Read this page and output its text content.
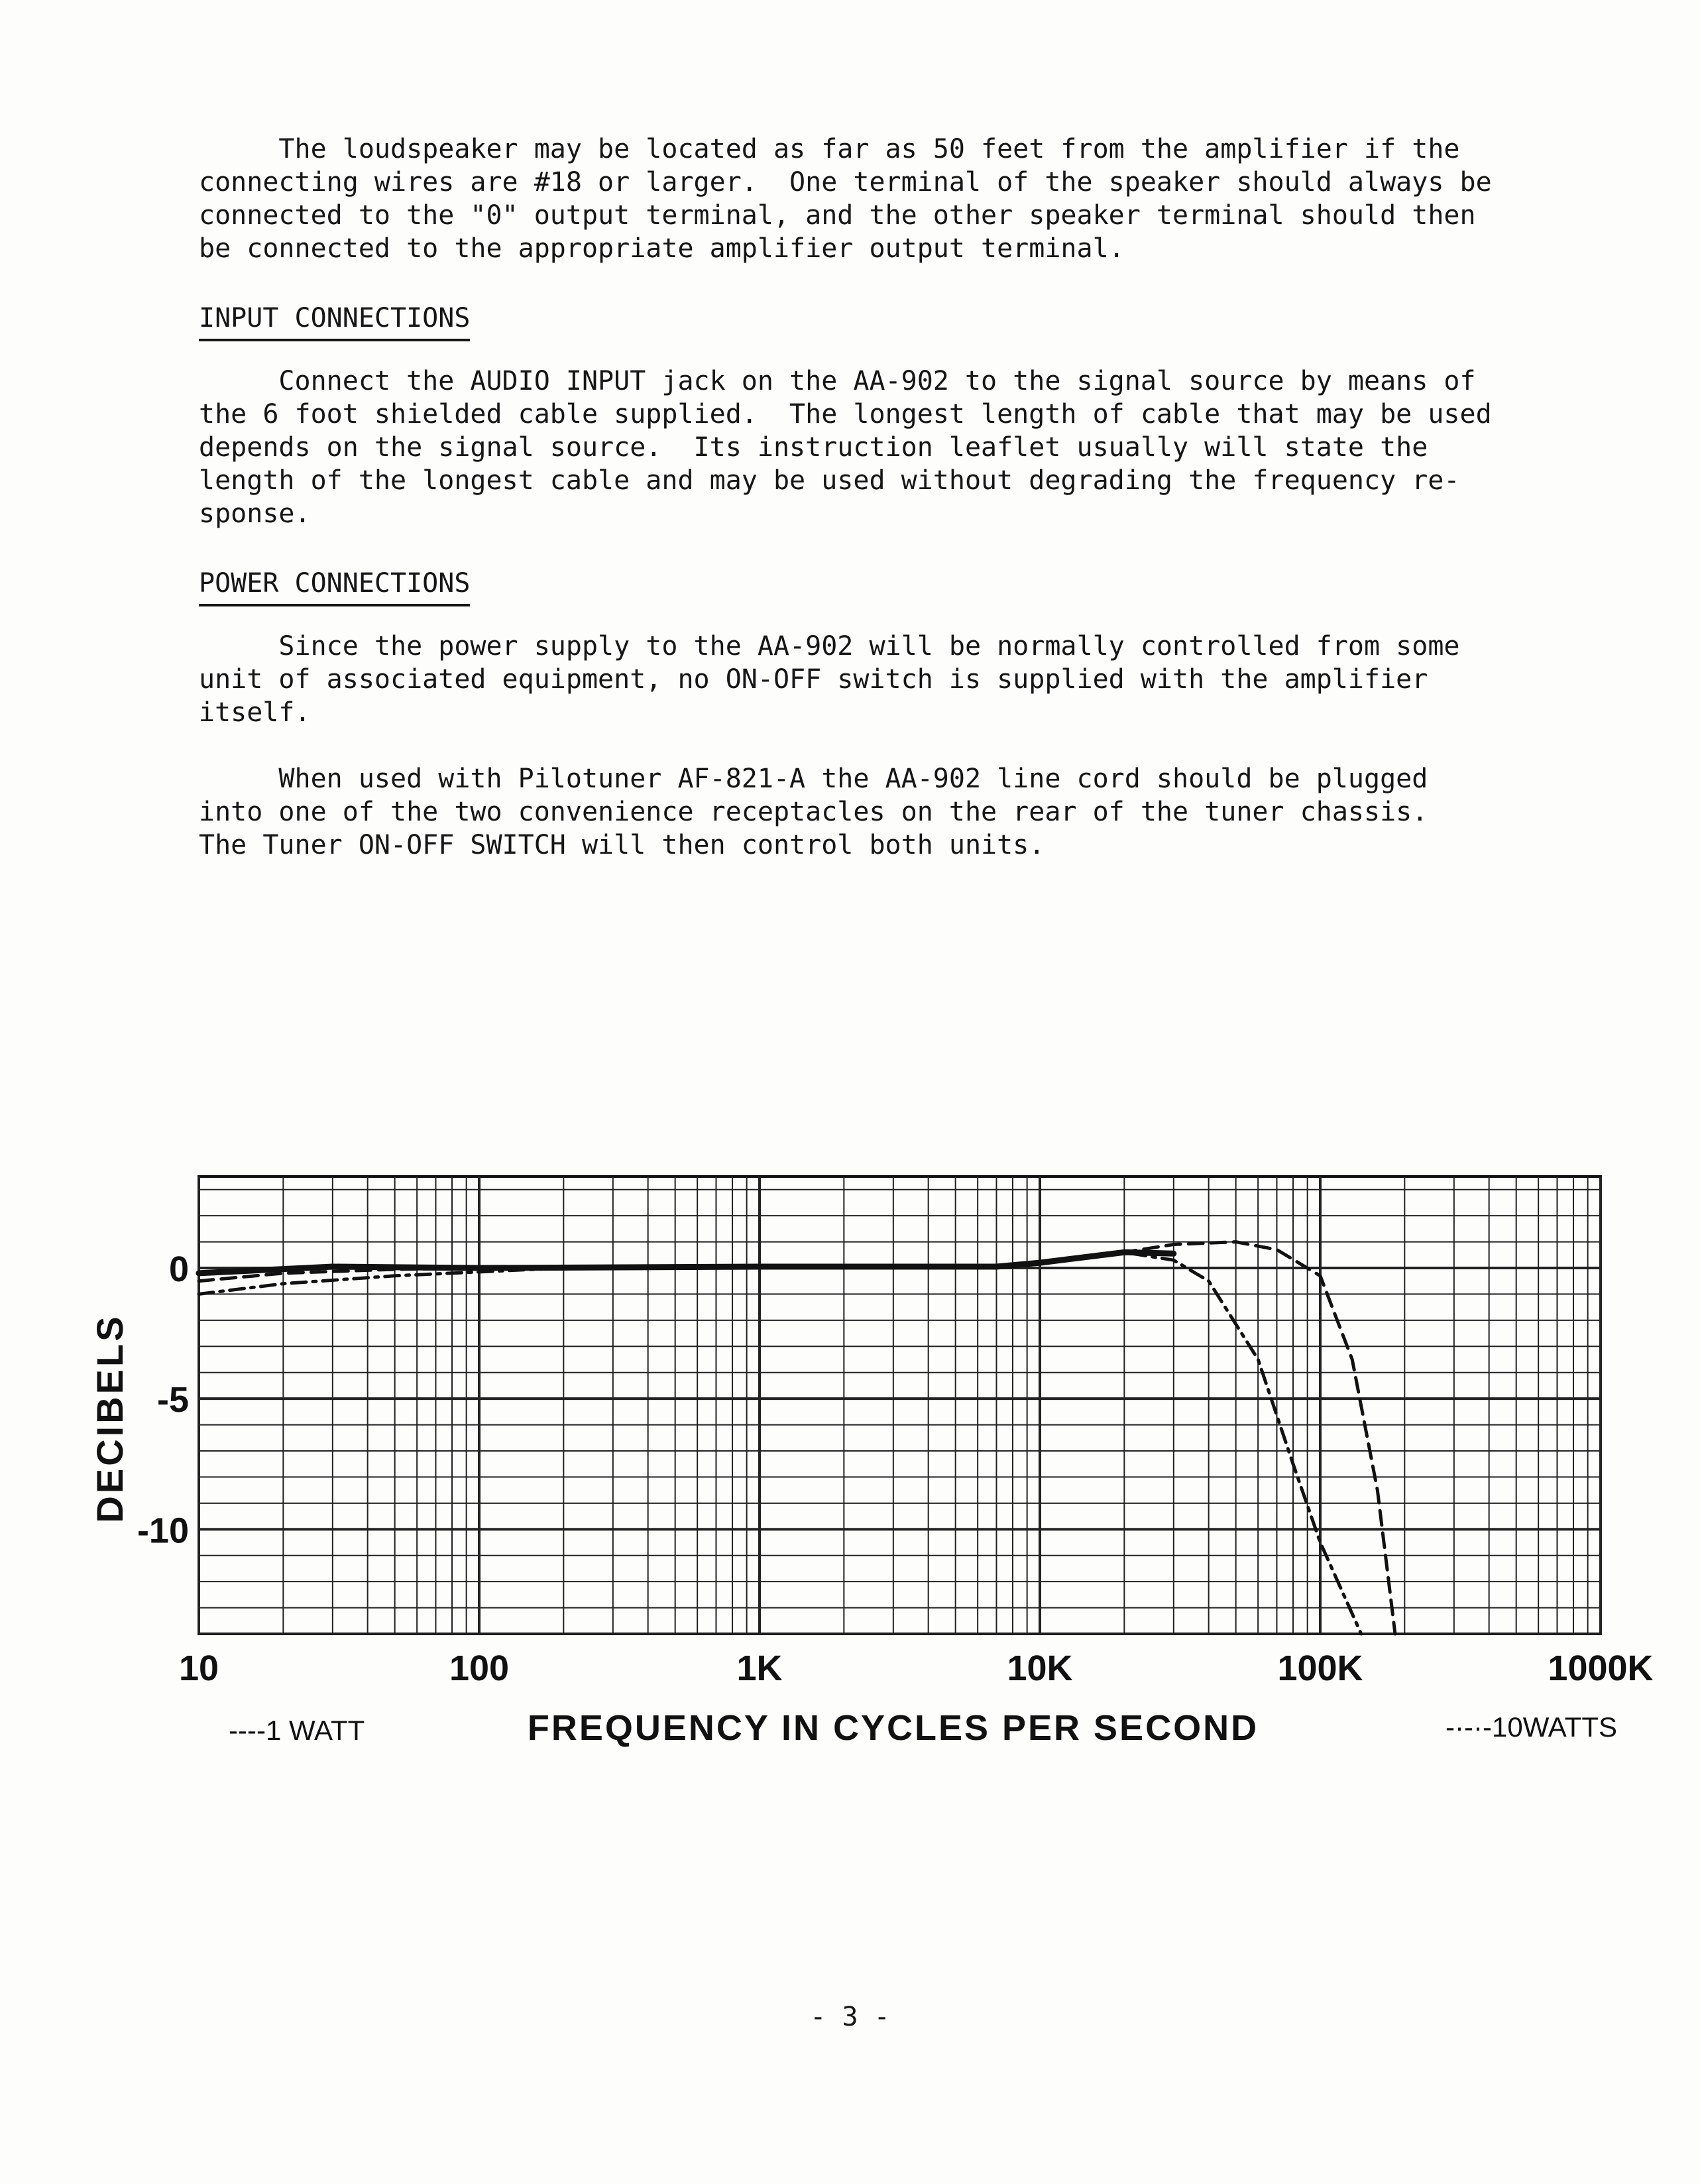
The loudspeaker may be located as far as 50 feet from the amplifier if the
connecting wires are #18 or larger.  One terminal of the speaker should always be
connected to the "0" output terminal, and the other speaker terminal should then
be connected to the appropriate amplifier output terminal.
INPUT CONNECTIONS
Connect the AUDIO INPUT jack on the AA-902 to the signal source by means of
the 6 foot shielded cable supplied.  The longest length of cable that may be used
depends on the signal source.  Its instruction leaflet usually will state the
length of the longest cable and may be used without degrading the frequency re-
sponse.
POWER CONNECTIONS
Since the power supply to the AA-902 will be normally controlled from some
unit of associated equipment, no ON-OFF switch is supplied with the amplifier
itself.
When used with Pilotuner AF-821-A the AA-902 line cord should be plugged
into one of the two convenience receptacles on the rear of the tuner chassis.
The Tuner ON-OFF SWITCH will then control both units.
10	100	1K	10K	100K	1000K
0
-5
-10
DECIBELS
FREQUENCY IN CYCLES PER SECOND
----1 WATT	-·-·-10WATTS
- 3 -
